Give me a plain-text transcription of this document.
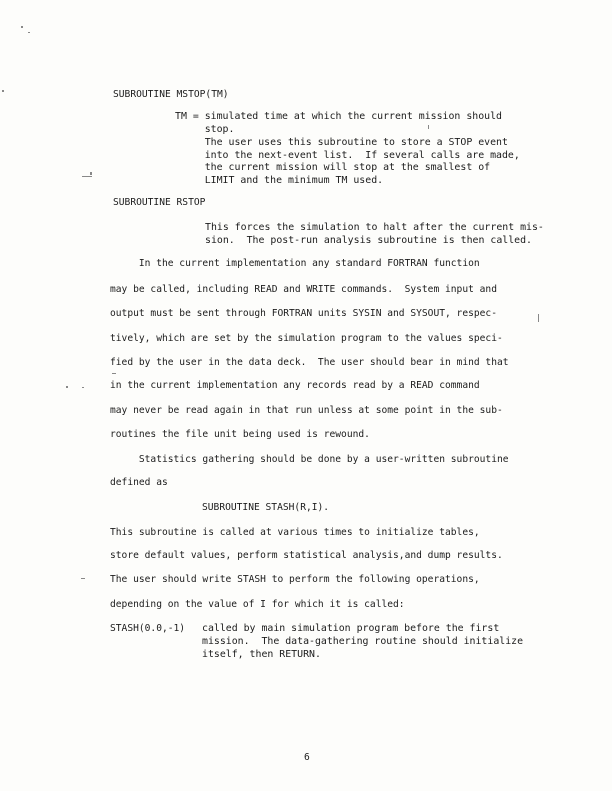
SUBROUTINE MSTOP(TM)
TM = simulated time at which the current mission should
stop.
The user uses this subroutine to store a STOP event
into the next-event list.  If several calls are made,
the current mission will stop at the smallest of
LIMIT and the minimum TM used.
SUBROUTINE RSTOP
This forces the simulation to halt after the current mis-
sion.  The post-run analysis subroutine is then called.
In the current implementation any standard FORTRAN function
may be called, including READ and WRITE commands.  System input and
output must be sent through FORTRAN units SYSIN and SYSOUT, respec-
tively, which are set by the simulation program to the values speci-
fied by the user in the data deck.  The user should bear in mind that
in the current implementation any records read by a READ command
may never be read again in that run unless at some point in the sub-
routines the file unit being used is rewound.
Statistics gathering should be done by a user-written subroutine
defined as
SUBROUTINE STASH(R,I).
This subroutine is called at various times to initialize tables,
store default values, perform statistical analysis,and dump results.
The user should write STASH to perform the following operations,
depending on the value of I for which it is called:
STASH(0.0,-1) called by main simulation program before the first
mission.  The data-gathering routine should initialize
itself, then RETURN.
6
